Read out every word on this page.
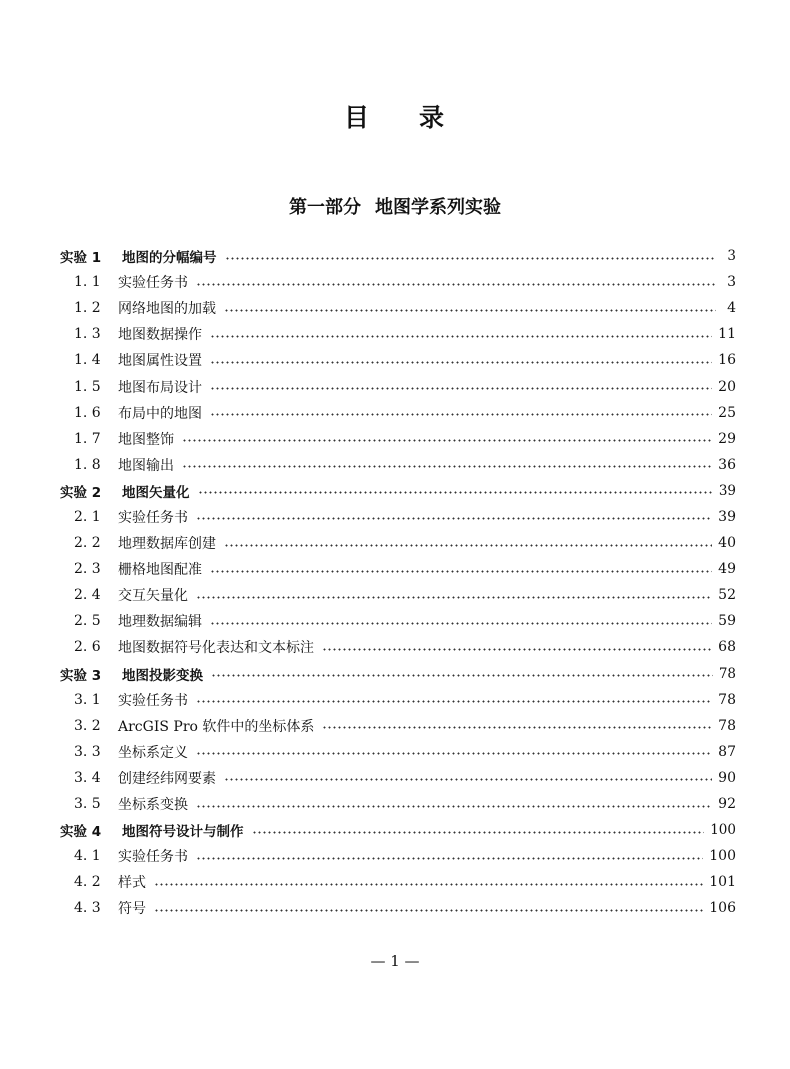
目 录
第一部分 地图学系列实验
实验 1	地图的分幅编号	3
1. 1	实验任务书	3
1. 2	网络地图的加载	4
1. 3	地图数据操作	11
1. 4	地图属性设置	16
1. 5	地图布局设计	20
1. 6	布局中的地图	25
1. 7	地图整饰	29
1. 8	地图输出	36
实验 2	地图矢量化	39
2. 1	实验任务书	39
2. 2	地理数据库创建	40
2. 3	栅格地图配准	49
2. 4	交互矢量化	52
2. 5	地理数据编辑	59
2. 6	地图数据符号化表达和文本标注	68
实验 3	地图投影变换	78
3. 1	实验任务书	78
3. 2	ArcGIS Pro 软件中的坐标体系	78
3. 3	坐标系定义	87
3. 4	创建经纬网要素	90
3. 5	坐标系变换	92
实验 4	地图符号设计与制作	100
4. 1	实验任务书	100
4. 2	样式	101
4. 3	符号	106
— 1 —
